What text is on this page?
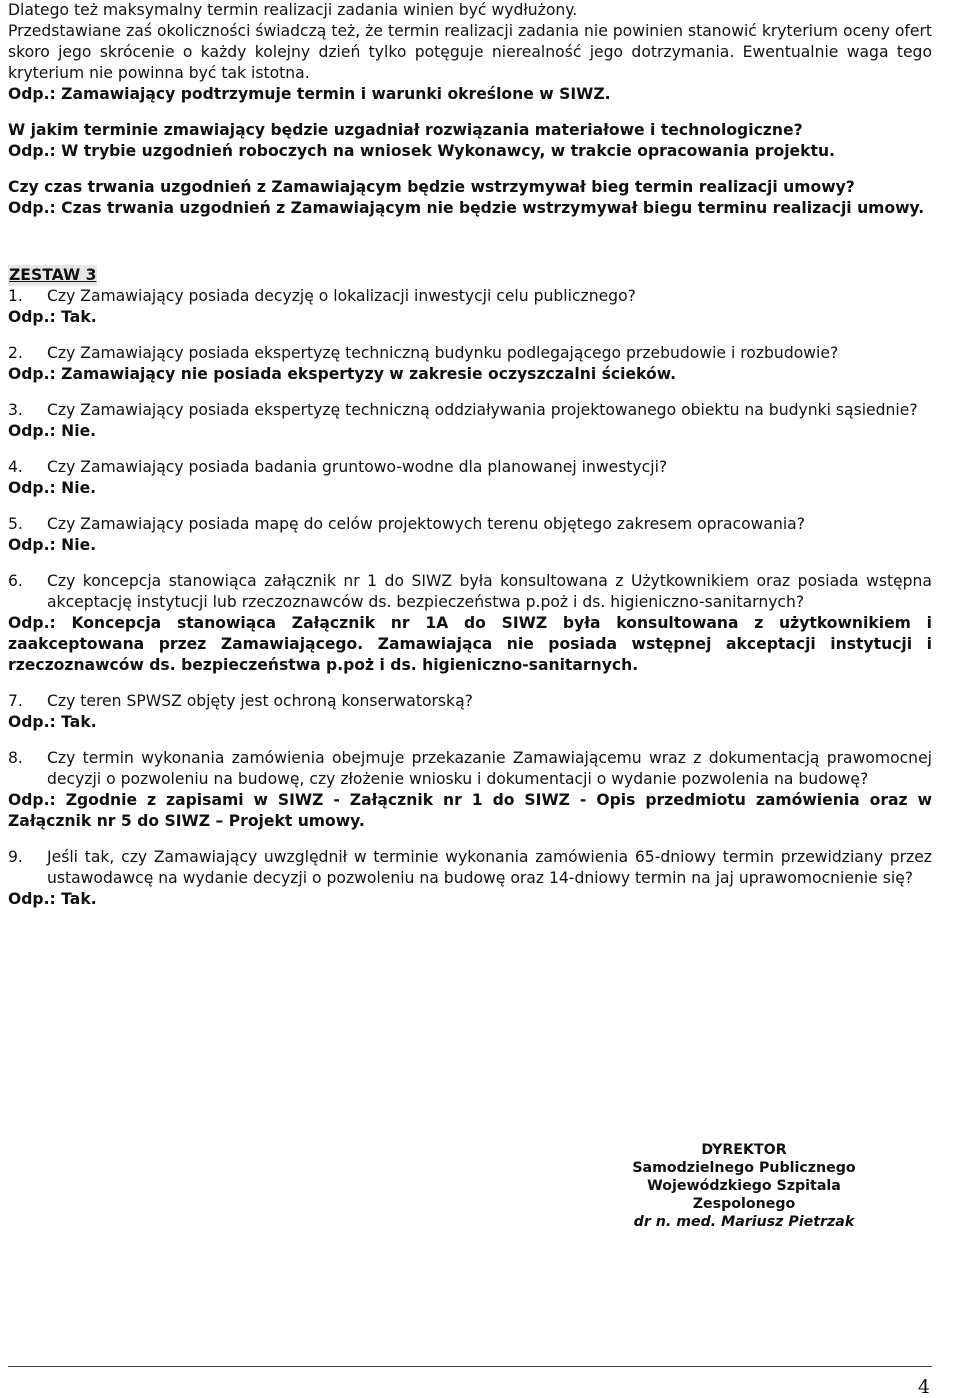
Dlatego też maksymalny termin realizacji zadania winien być wydłużony.

Przedstawiane zaś okoliczności świadczą też, że termin realizacji zadania nie powinien stanowić kryterium oceny ofert skoro jego skrócenie o każdy kolejny dzień tylko potęguje nierealność jego dotrzymania. Ewentualnie waga tego kryterium nie powinna być tak istotna.

Odp.: Zamawiający podtrzymuje termin i warunki określone w SIWZ.

W jakim terminie zmawiający będzie uzgadniał rozwiązania materiałowe i technologiczne?

Odp.: W trybie uzgodnień roboczych na wniosek Wykonawcy, w trakcie opracowania projektu.

Czy czas trwania uzgodnień z Zamawiającym będzie wstrzymywał bieg termin realizacji umowy?

Odp.: Czas trwania uzgodnień z Zamawiającym nie będzie wstrzymywał biegu terminu realizacji umowy.

ZESTAW 3

1.	Czy Zamawiający posiada decyzję o lokalizacji inwestycji celu publicznego?

Odp.: Tak.

2.	Czy Zamawiający posiada ekspertyzę techniczną budynku podlegającego przebudowie i rozbudowie?

Odp.: Zamawiający nie posiada ekspertyzy w zakresie oczyszczalni ścieków.

3.	Czy Zamawiający posiada ekspertyzę techniczną oddziaływania projektowanego obiektu na budynki sąsiednie?

Odp.: Nie.

4.	Czy Zamawiający posiada badania gruntowo-wodne dla planowanej inwestycji?

Odp.: Nie.

5.	Czy Zamawiający posiada mapę do celów projektowych terenu objętego zakresem opracowania?

Odp.: Nie.

6.	Czy koncepcja stanowiąca załącznik nr 1 do SIWZ była konsultowana z Użytkownikiem oraz posiada wstępna akceptację instytucji lub rzeczoznawców ds. bezpieczeństwa p.poż i ds. higieniczno-sanitarnych?

Odp.: Koncepcja stanowiąca Załącznik nr 1A do SIWZ była konsultowana z użytkownikiem i zaakceptowana przez Zamawiającego. Zamawiająca nie posiada wstępnej akceptacji instytucji i rzeczoznawców ds. bezpieczeństwa p.poż i ds. higieniczno-sanitarnych.

7.	Czy teren SPWSZ objęty jest ochroną konserwatorską?

Odp.: Tak.

8.	Czy termin wykonania zamówienia obejmuje przekazanie Zamawiającemu wraz z dokumentacją prawomocnej decyzji o pozwoleniu na budowę, czy złożenie wniosku i dokumentacji o wydanie pozwolenia na budowę?

Odp.: Zgodnie z zapisami w SIWZ - Załącznik nr 1 do SIWZ - Opis przedmiotu zamówienia oraz w Załącznik nr 5 do SIWZ – Projekt umowy.

9.	Jeśli tak, czy Zamawiający uwzględnił w terminie wykonania zamówienia 65-dniowy termin przewidziany przez ustawodawcę na wydanie decyzji o pozwoleniu na budowę oraz 14-dniowy termin na jaj uprawomocnienie się?

Odp.: Tak.

DYREKTOR
Samodzielnego Publicznego
Wojewódzkiego Szpitala Zespolonego
dr n. med. Mariusz Pietrzak
4
